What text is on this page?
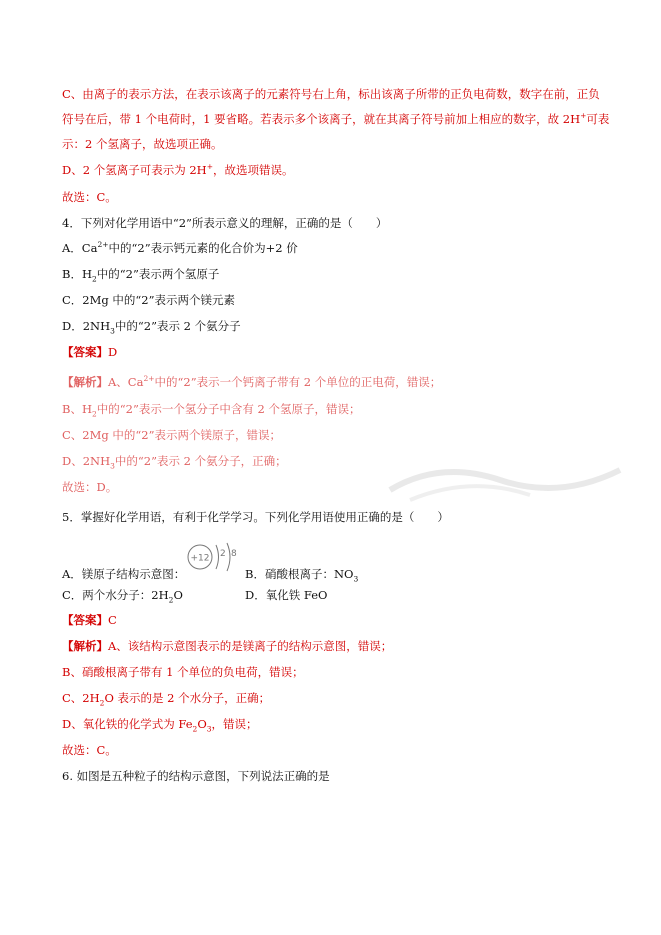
C、由离子的表示方法，在表示该离子的元素符号右上角，标出该离子所带的正负电荷数，数字在前，正负
符号在后，带 1 个电荷时，1 要省略。若表示多个该离子，就在其离子符号前加上相应的数字，故 2H+可表
示：2 个氢离子，故选项正确。
D、2 个氢离子可表示为 2H+，故选项错误。
故选：C。
4．下列对化学用语中“2”所表示意义的理解，正确的是（　　）
A．$Ca^{2+}$中的“2”表示钙元素的化合价为+2 价
B．$H_2$中的“2”表示两个氢原子
C．2Mg 中的“2”表示两个镁元素
D．$2NH_3$中的“2”表示 2 个氨分子
【答案】D
【解析】A、$Ca^{2+}$中的“2”表示一个钙离子带有 2 个单位的正电荷，错误；
B、$H_2$中的“2”表示一个氢分子中含有 2 个氢原子，错误；
C、2Mg 中的“2”表示两个镁原子，错误；
D、$2NH_3$中的“2”表示 2 个氨分子，正确；
故选：D。
5．掌握好化学用语，有利于化学学习。下列化学用语使用正确的是（　　）
+12 2 8
A．镁原子结构示意图：	B．硝酸根离子：$NO_3$
C．两个水分子：$2H_2O$	D．氧化铁 FeO
【答案】C
【解析】A、该结构示意图表示的是镁离子的结构示意图，错误；
B、硝酸根离子带有 1 个单位的负电荷，错误；
C、$2H_2O$ 表示的是 2 个水分子，正确；
D、氧化铁的化学式为 $Fe_2O_3$，错误；
故选：C。
6. 如图是五种粒子的结构示意图，下列说法正确的是
